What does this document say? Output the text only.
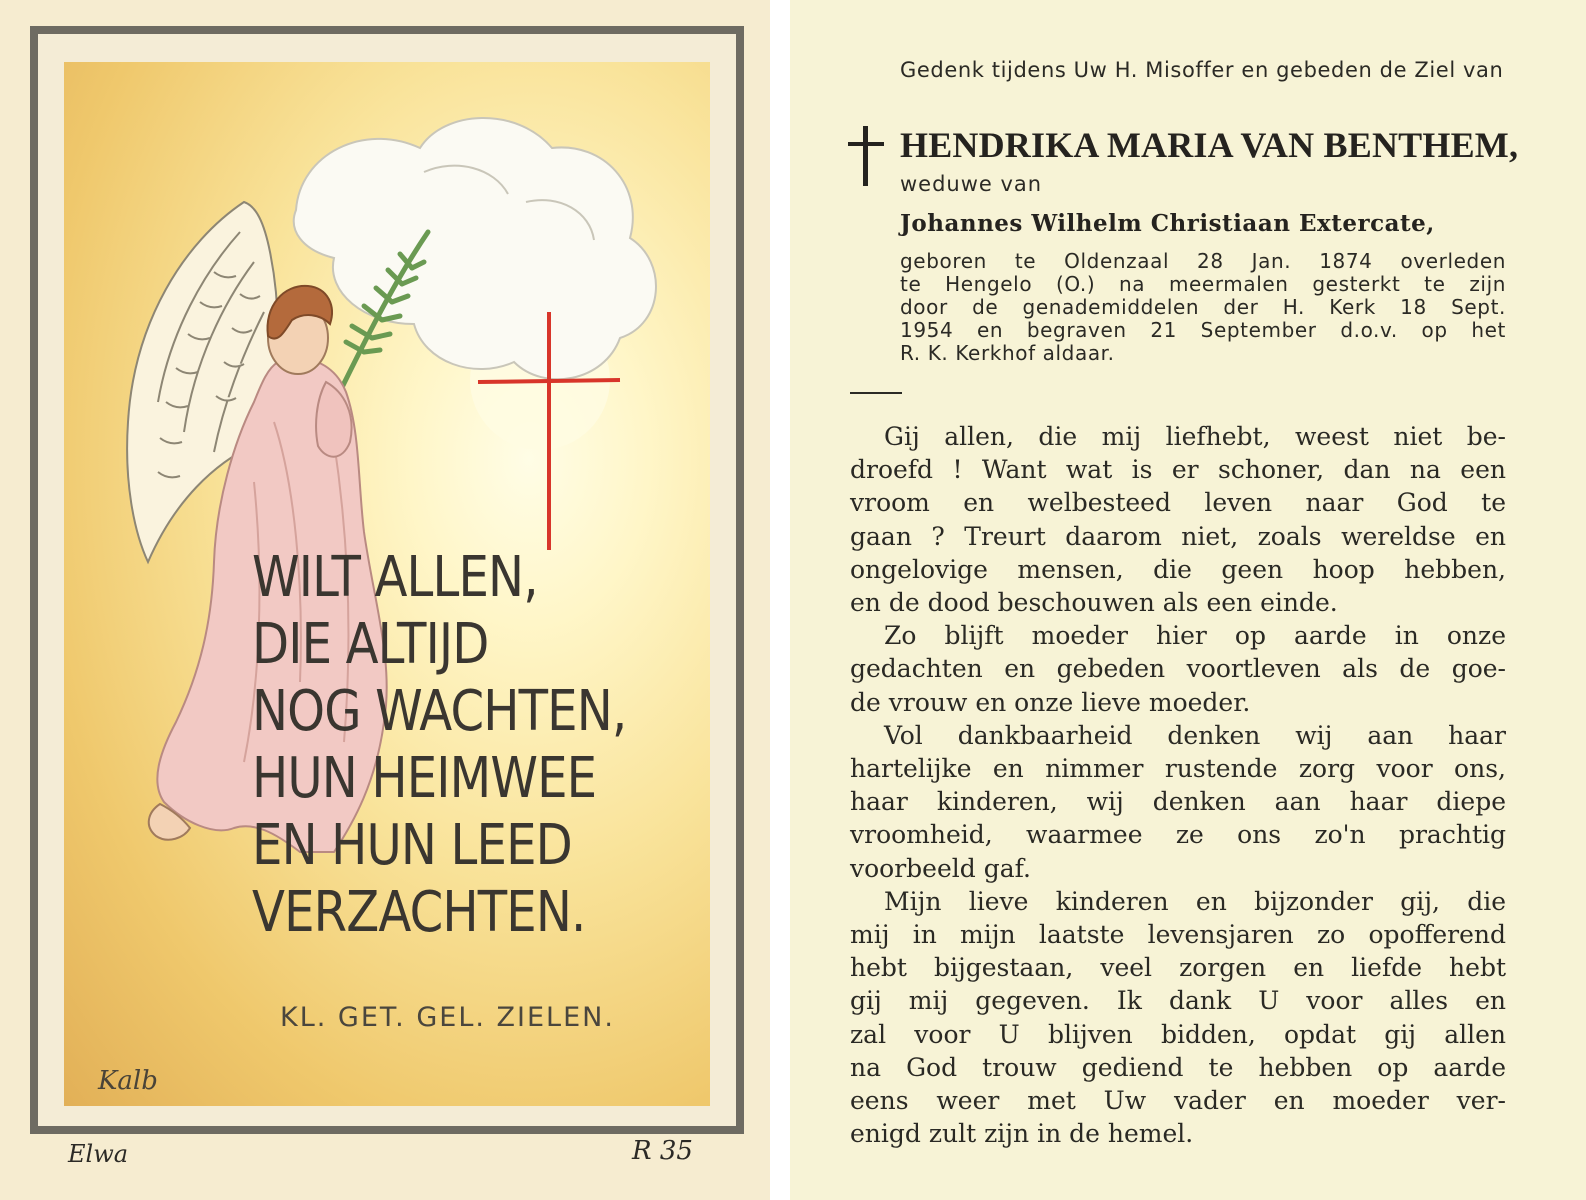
WILT ALLEN,
DIE ALTIJD
NOG WACHTEN,
HUN HEIMWEE
EN HUN LEED
VERZACHTEN.
KL. GET. GEL. ZIELEN.
Kalb
Elwa	R 35
Gedenk tijdens Uw H. Misoffer en gebeden de Ziel van
HENDRIKA MARIA VAN BENTHEM,
weduwe van
Johannes Wilhelm Christiaan Extercate,
geboren te Oldenzaal 28 Jan. 1874 overleden
te Hengelo (O.) na meermalen gesterkt te zijn
door de genademiddelen der H. Kerk 18 Sept.
1954 en begraven 21 September d.o.v. op het
R. K. Kerkhof aldaar.
Gij allen, die mij liefhebt, weest niet be-
droefd ! Want wat is er schoner, dan na een
vroom en welbesteed leven naar God te
gaan ? Treurt daarom niet, zoals wereldse en
ongelovige mensen, die geen hoop hebben,
en de dood beschouwen als een einde.
Zo blijft moeder hier op aarde in onze
gedachten en gebeden voortleven als de goe-
de vrouw en onze lieve moeder.
Vol dankbaarheid denken wij aan haar
hartelijke en nimmer rustende zorg voor ons,
haar kinderen, wij denken aan haar diepe
vroomheid, waarmee ze ons zo'n prachtig
voorbeeld gaf.
Mijn lieve kinderen en bijzonder gij, die
mij in mijn laatste levensjaren zo opofferend
hebt bijgestaan, veel zorgen en liefde hebt
gij mij gegeven. Ik dank U voor alles en
zal voor U blijven bidden, opdat gij allen
na God trouw gediend te hebben op aarde
eens weer met Uw vader en moeder ver-
enigd zult zijn in de hemel.
